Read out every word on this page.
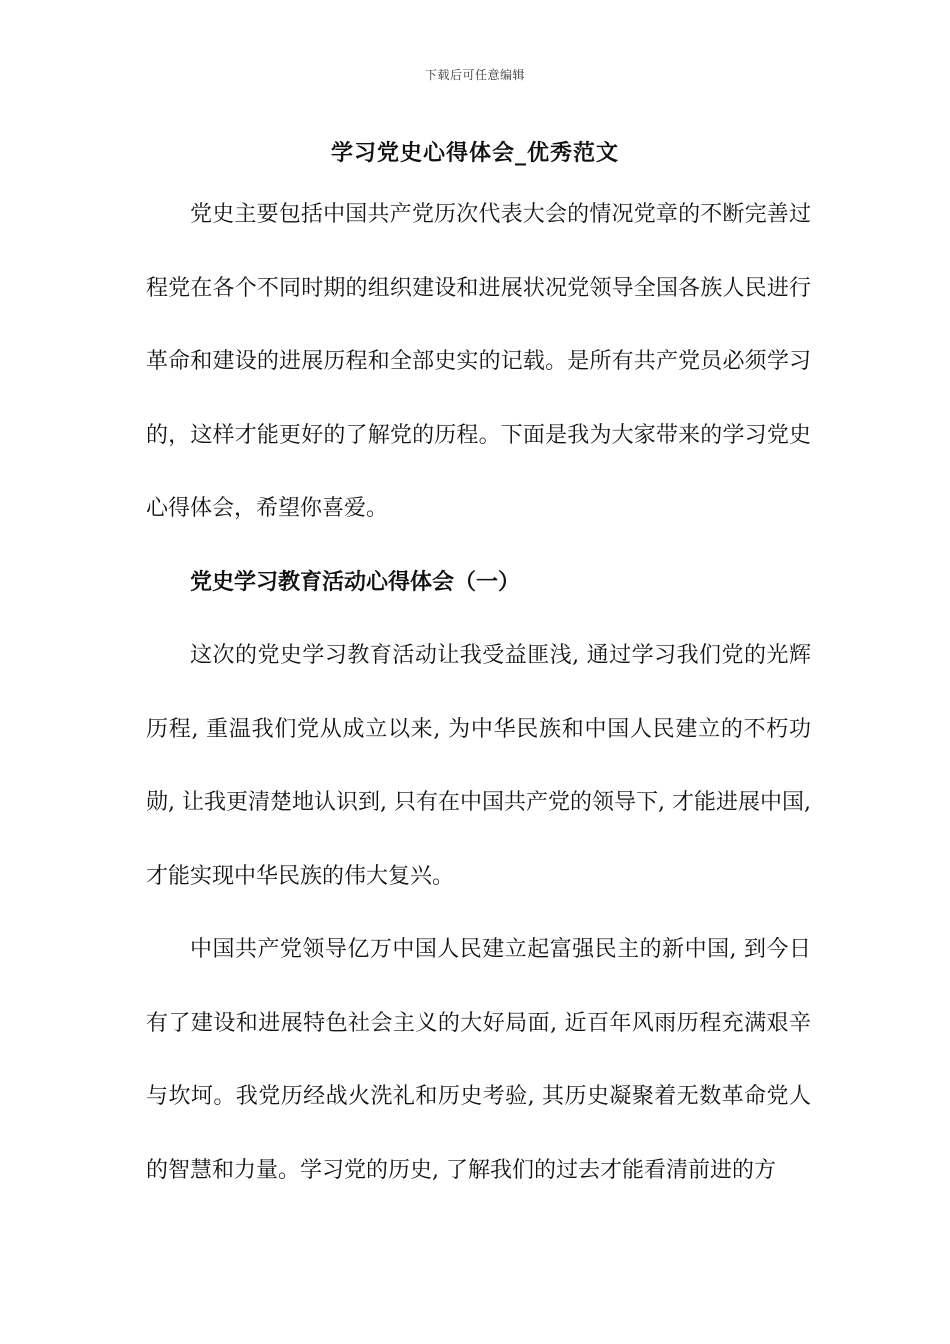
下载后可任意编辑
学习党史心得体会_优秀范文

党史主要包括中国共产党历次代表大会的情况党章的不断完善过程党在各个不同时期的组织建设和进展状况党领导全国各族人民进行革命和建设的进展历程和全部史实的记载。是所有共产党员必须学习的，这样才能更好的了解党的历程。下面是我为大家带来的学习党史心得体会，希望你喜爱。

党史学习教育活动心得体会（一）

这次的党史学习教育活动让我受益匪浅, 通过学习我们党的光辉历程, 重温我们党从成立以来, 为中华民族和中国人民建立的不朽功勋, 让我更清楚地认识到, 只有在中国共产党的领导下, 才能进展中国, 才能实现中华民族的伟大复兴。

中国共产党领导亿万中国人民建立起富强民主的新中国, 到今日有了建设和进展特色社会主义的大好局面, 近百年风雨历程充满艰辛与坎坷。我党历经战火洗礼和历史考验, 其历史凝聚着无数革命党人的智慧和力量。学习党的历史, 了解我们的过去才能看清前进的方
